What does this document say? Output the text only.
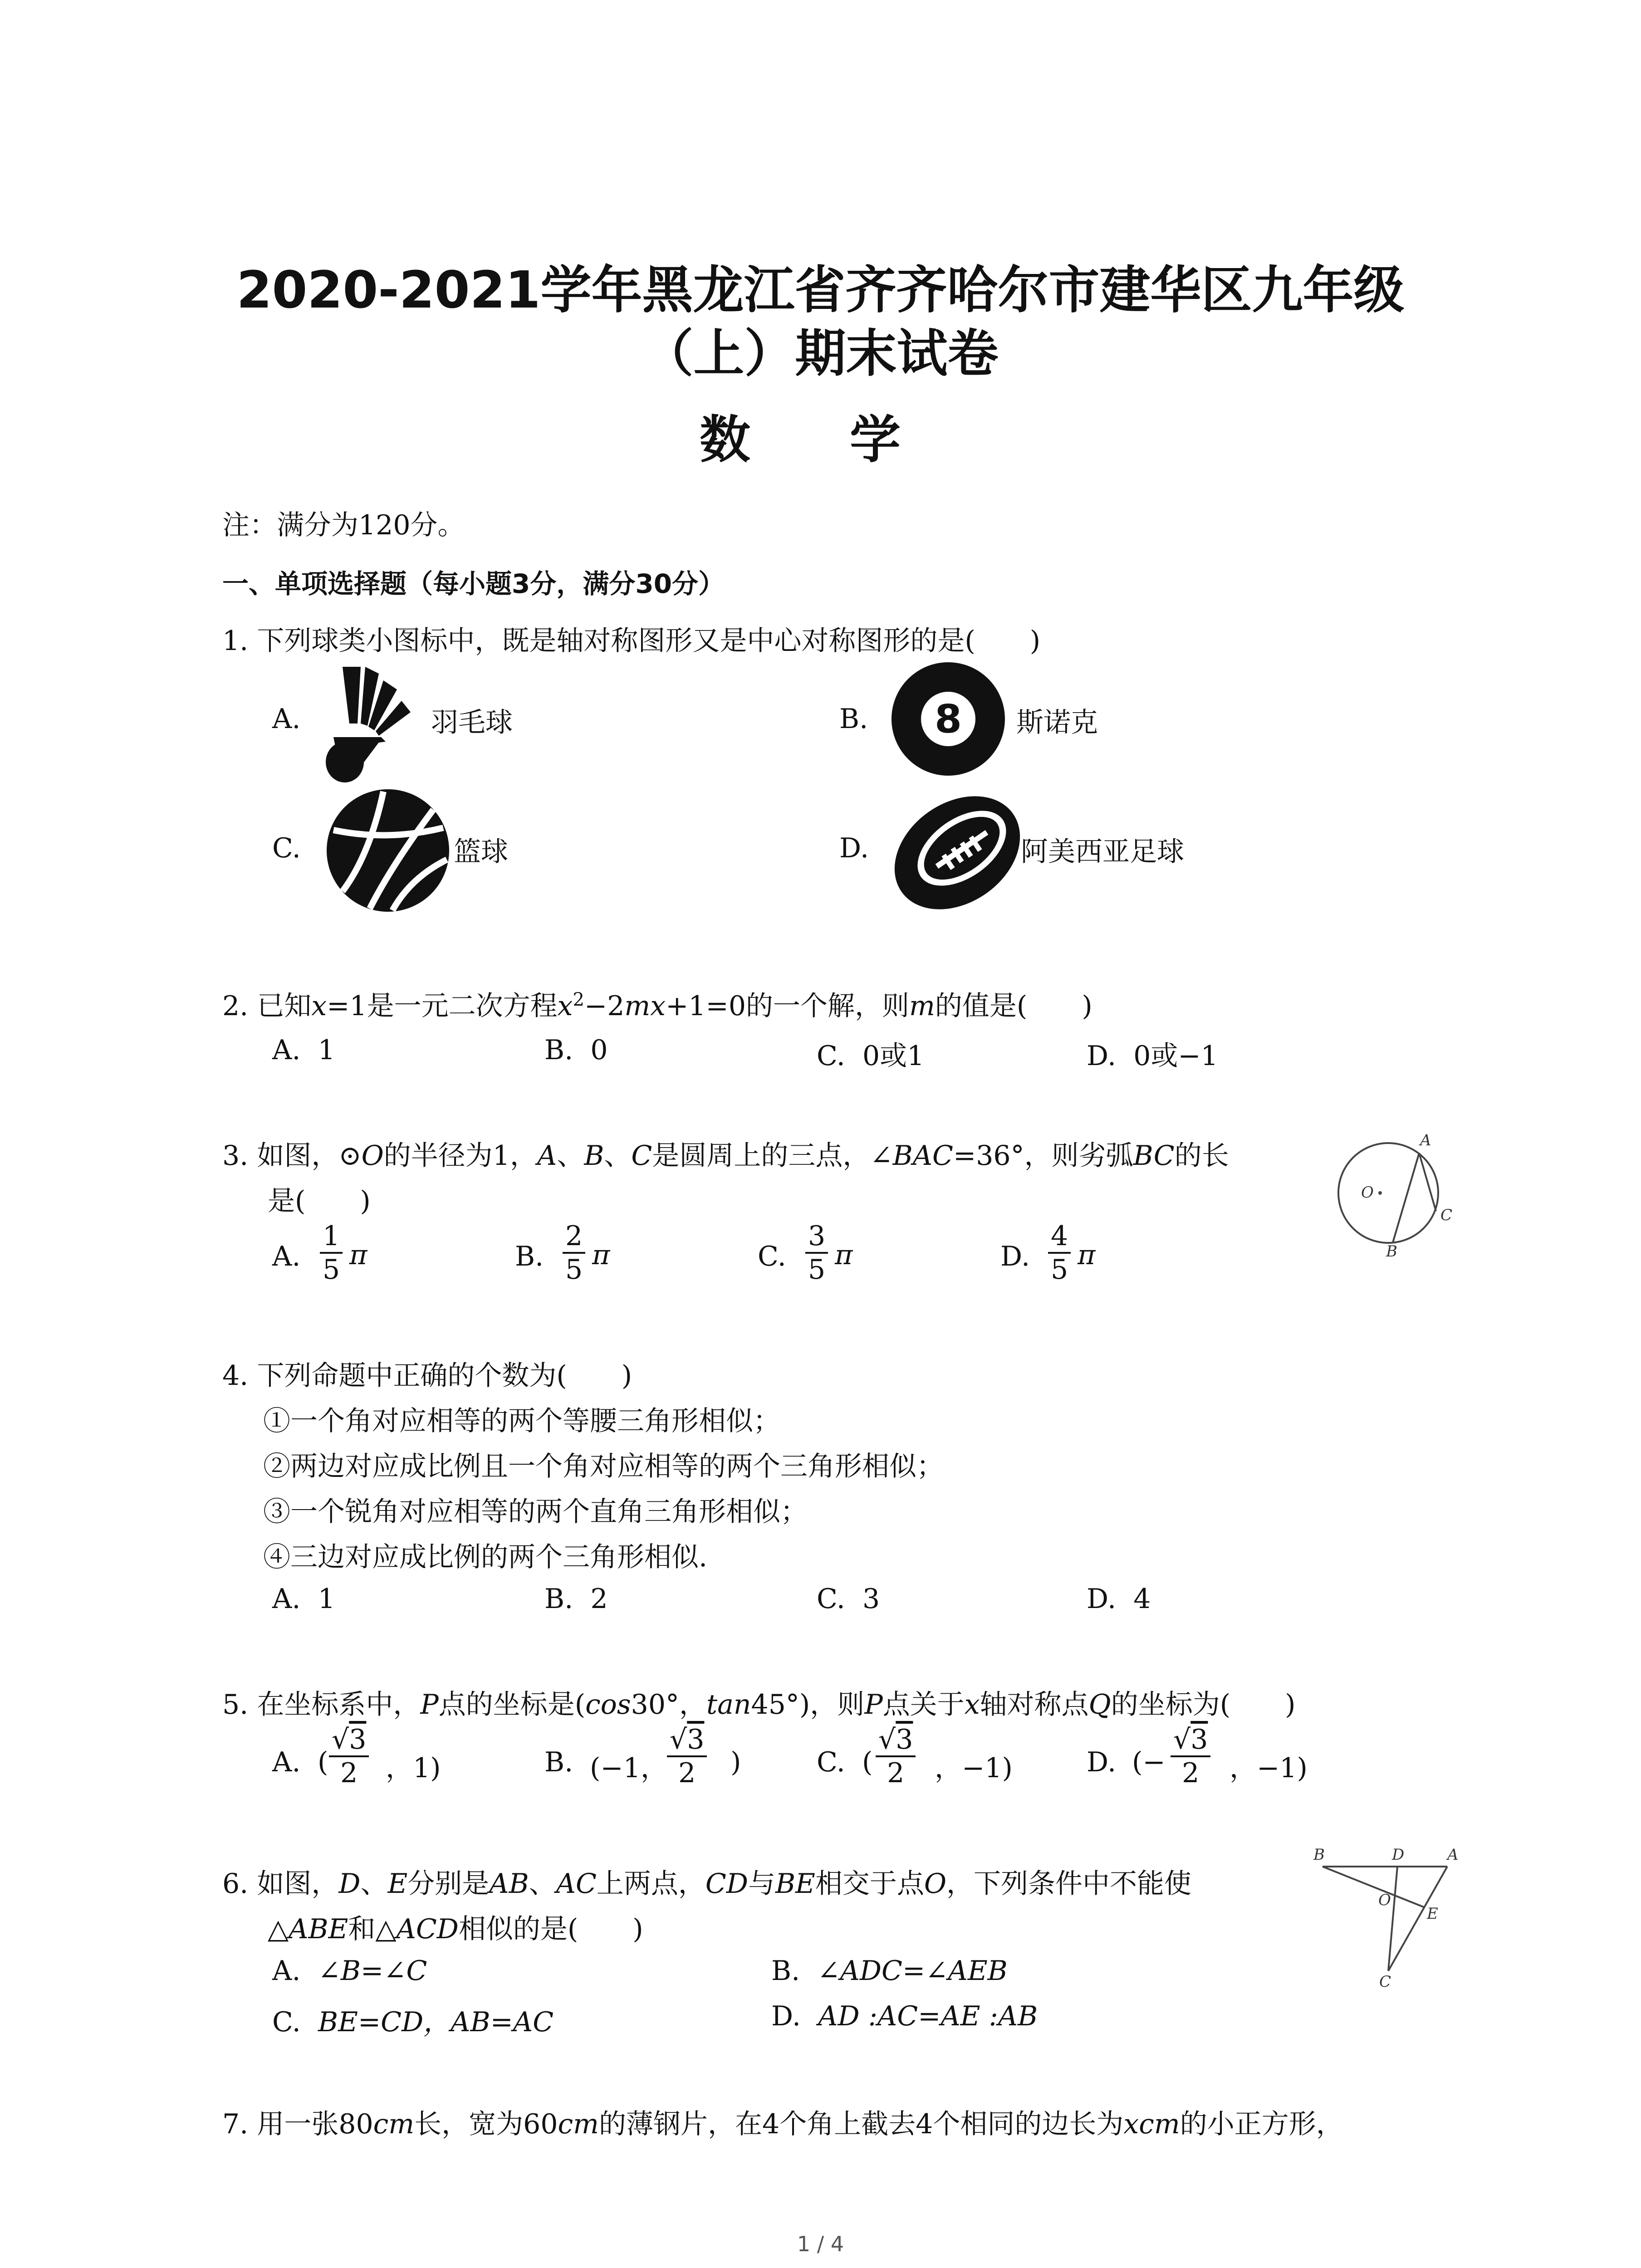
2020-2021学年黑龙江省齐齐哈尔市建华区九年级
（上）期末试卷
数 学
注：满分为120分。
一、单项选择题（每小题3分，满分30分）
1. 下列球类小图标中，既是轴对称图形又是中心对称图形的是(　　)
A.	羽毛球	B. 8 斯诺克
C.	篮球	D.	阿美西亚足球
2. 已知x=1是一元二次方程$x^2-2mx+1=0$的一个解，则m的值是(　　)
A. 1	B. 0	C. 0或1	D. 0或−1
3. 如图，⊙O的半径为1，A、B、C是圆周上的三点，∠BAC=36°，则劣弧BC的长
是(　　)
A. $\frac{1}{5}$ π	B. $\frac{2}{5}$ π	C. $\frac{3}{5}$ π	D. $\frac{4}{5}$ π
A
C
B
O
4. 下列命题中正确的个数为(　　)
①一个角对应相等的两个等腰三角形相似；
②两边对应成比例且一个角对应相等的两个三角形相似；
③一个锐角对应相等的两个直角三角形相似；
④三边对应成比例的两个三角形相似.
A. 1	B. 2	C. 3	D. 4
5. 在坐标系中，P点的坐标是(cos30°，tan45°)，则P点关于x轴对称点Q的坐标为(　　)
A. ( $\frac{√3}{2}$ ，1)	B. (−1，
$\frac{√3}{2}$ )	C. ( $\frac{√3}{2}$ ，−1)	D. (− $\frac{√3}{2}$ ，−1)
6. 如图，D、E分别是AB、AC上两点，CD与BE相交于点O，下列条件中不能使
△ABE和△ACD相似的是(　　)
A. ∠B=∠C	B. ∠ADC=∠AEB
C. BE=CD，AB=AC	D. AD :AC=AE :AB
B	D	A
O
E
C
7. 用一张80cm长，宽为60cm的薄钢片，在4个角上截去4个相同的边长为xcm的小正方形，
1 / 4
